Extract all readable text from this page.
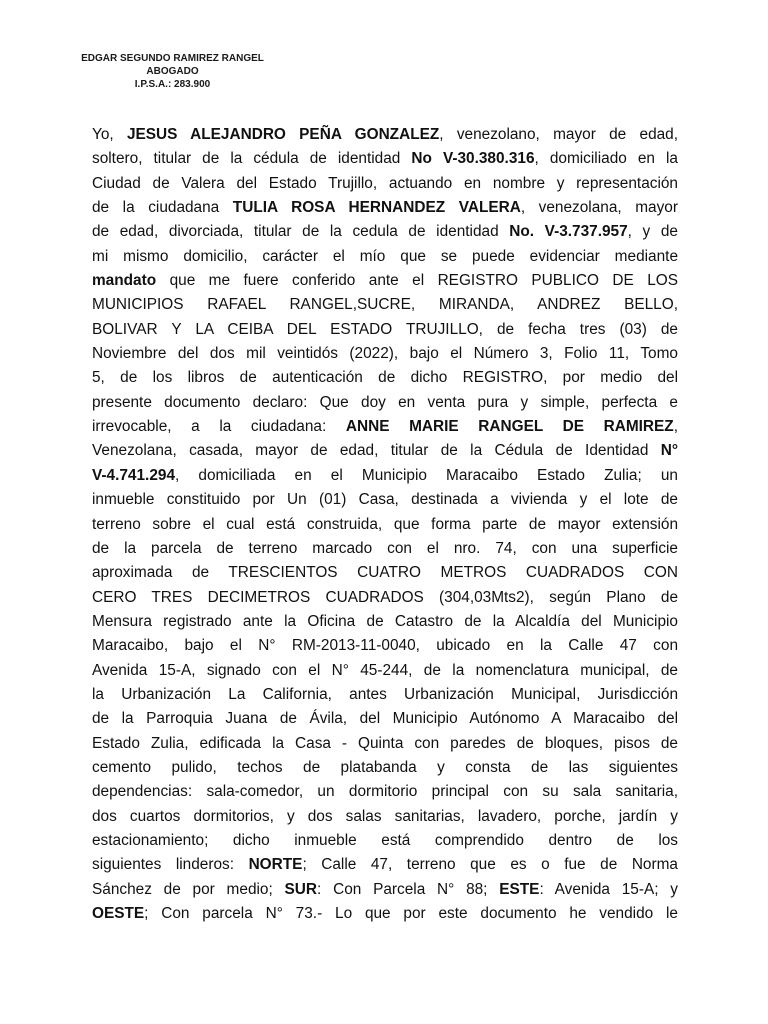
EDGAR SEGUNDO RAMIREZ RANGEL
ABOGADO
I.P.S.A.: 283.900
Yo, JESUS ALEJANDRO PEÑA GONZALEZ, venezolano, mayor de edad,
soltero, titular de la cédula de identidad No V-30.380.316, domiciliado en la
Ciudad de Valera del Estado Trujillo, actuando en nombre y representación
de la ciudadana TULIA ROSA HERNANDEZ VALERA, venezolana, mayor
de edad, divorciada, titular de la cedula de identidad No. V-3.737.957, y de
mi mismo domicilio, carácter el mío que se puede evidenciar mediante
mandato que me fuere conferido ante el REGISTRO PUBLICO DE LOS
MUNICIPIOS RAFAEL RANGEL,SUCRE, MIRANDA, ANDREZ BELLO,
BOLIVAR Y LA CEIBA DEL ESTADO TRUJILLO, de fecha tres (03) de
Noviembre del dos mil veintidós (2022), bajo el Número 3, Folio 11, Tomo
5, de los libros de autenticación de dicho REGISTRO, por medio del
presente documento declaro: Que doy en venta pura y simple, perfecta e
irrevocable, a la ciudadana: ANNE MARIE RANGEL DE RAMIREZ,
Venezolana, casada, mayor de edad, titular de la Cédula de Identidad N°
V-4.741.294, domiciliada en el Municipio Maracaibo Estado Zulia; un
inmueble constituido por Un (01) Casa, destinada a vivienda y el lote de
terreno sobre el cual está construida, que forma parte de mayor extensión
de la parcela de terreno marcado con el nro. 74, con una superficie
aproximada de TRESCIENTOS CUATRO METROS CUADRADOS CON
CERO TRES DECIMETROS CUADRADOS (304,03Mts2), según Plano de
Mensura registrado ante la Oficina de Catastro de la Alcaldía del Municipio
Maracaibo, bajo el N° RM-2013-11-0040, ubicado en la Calle 47 con
Avenida 15-A, signado con el N° 45-244, de la nomenclatura municipal, de
la Urbanización La California, antes Urbanización Municipal, Jurisdicción
de la Parroquia Juana de Ávila, del Municipio Autónomo A Maracaibo del
Estado Zulia, edificada la Casa - Quinta con paredes de bloques, pisos de
cemento pulido, techos de platabanda y consta de las siguientes
dependencias: sala-comedor, un dormitorio principal con su sala sanitaria,
dos cuartos dormitorios, y dos salas sanitarias, lavadero, porche, jardín y
estacionamiento; dicho inmueble está comprendido dentro de los
siguientes linderos: NORTE; Calle 47, terreno que es o fue de Norma
Sánchez de por medio; SUR: Con Parcela N° 88; ESTE: Avenida 15-A; y
OESTE; Con parcela N° 73.- Lo que por este documento he vendido le
